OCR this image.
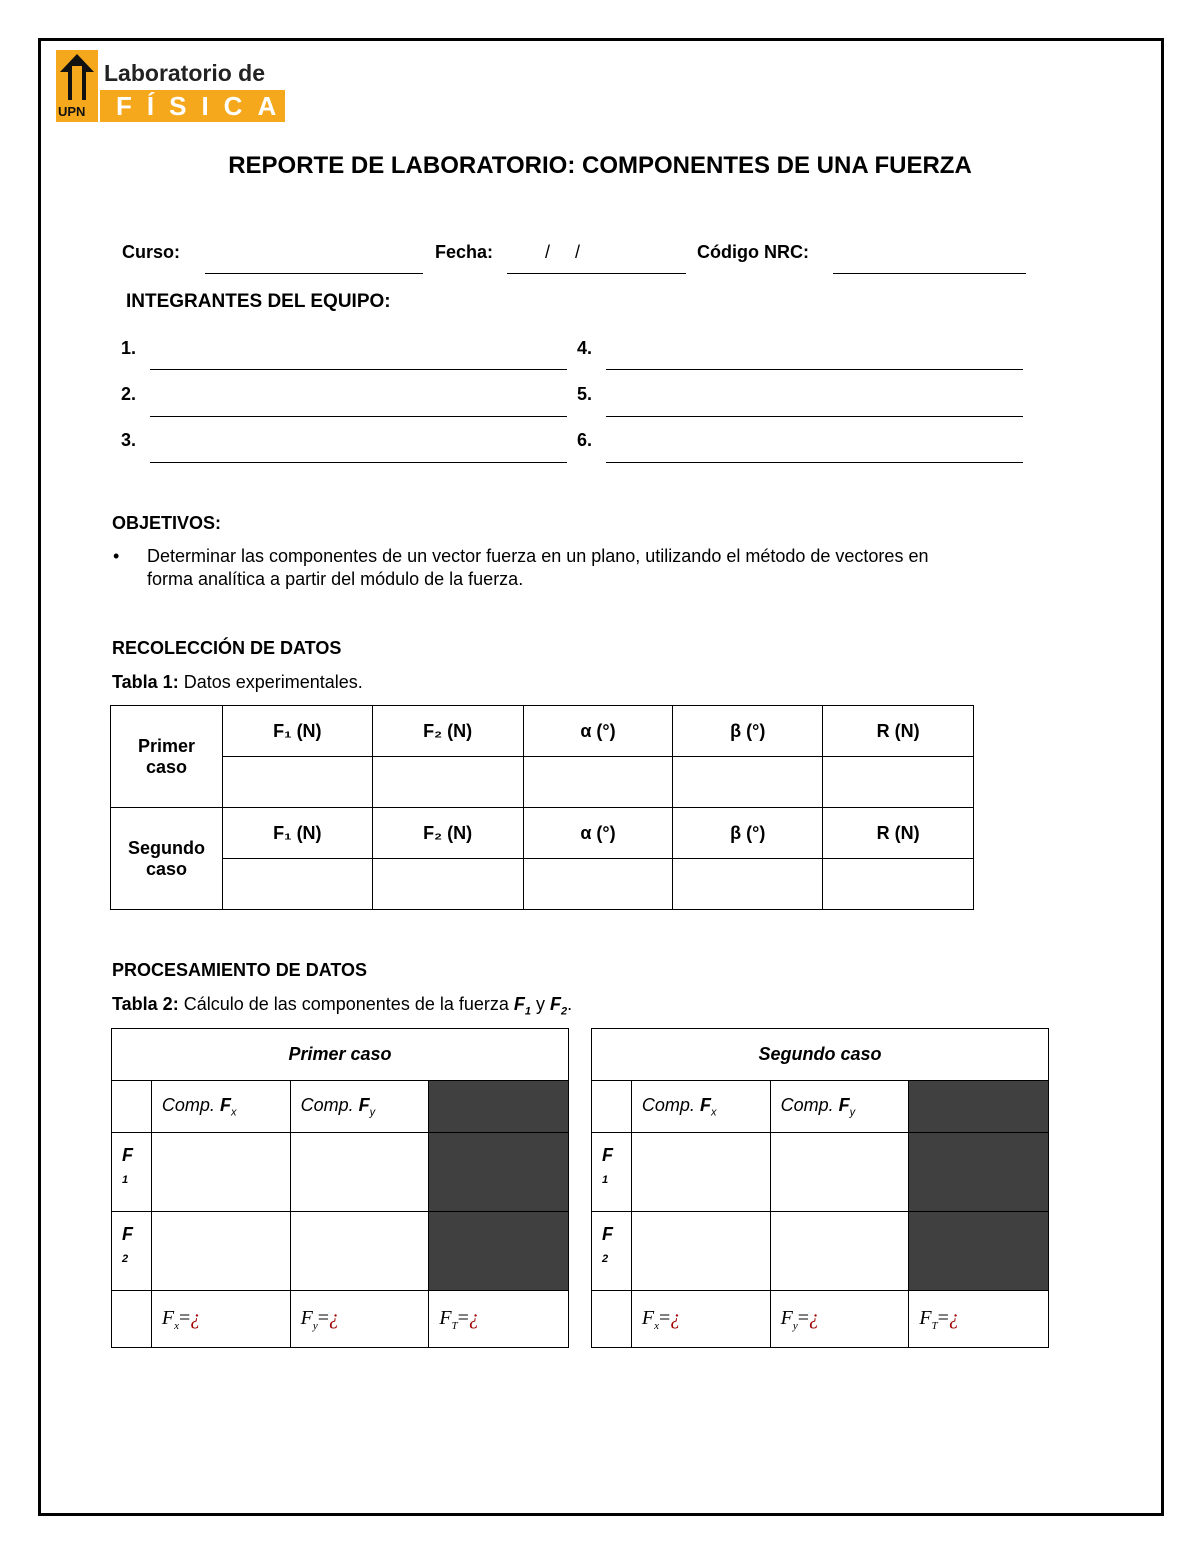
UPN
Laboratorio de
FÍSICA
REPORTE DE LABORATORIO: COMPONENTES DE UNA FUERZA
Curso:	Fecha:	/     /	Código NRC:
INTEGRANTES DEL EQUIPO:
1.
2.
3.
4.
5.
6.
OBJETIVOS:
• Determinar las componentes de un vector fuerza en un plano, utilizando el método de vectores en
forma analítica a partir del módulo de la fuerza.
RECOLECCIÓN DE DATOS
Tabla 1: Datos experimentales.
Primer
caso	F₁ (N)	F₂ (N)	α (°)	β (°)	R (N)

Segundo
caso	F₁ (N)	F₂ (N)	α (°)	β (°)	R (N)

PROCESAMIENTO DE DATOS
Tabla 2: Cálculo de las componentes de la fuerza $F_1$ y $F_2$.
Primer caso			
	Comp. $F_x$	Comp. $F_y$	

F
1			

F
2			

	$F_x=¿$	$F_y=¿$	$F_T=¿$
Segundo caso			
	Comp. $F_x$	Comp. $F_y$	

F
1			

F
2			

	$F_x=¿$	$F_y=¿$	$F_T=¿$
